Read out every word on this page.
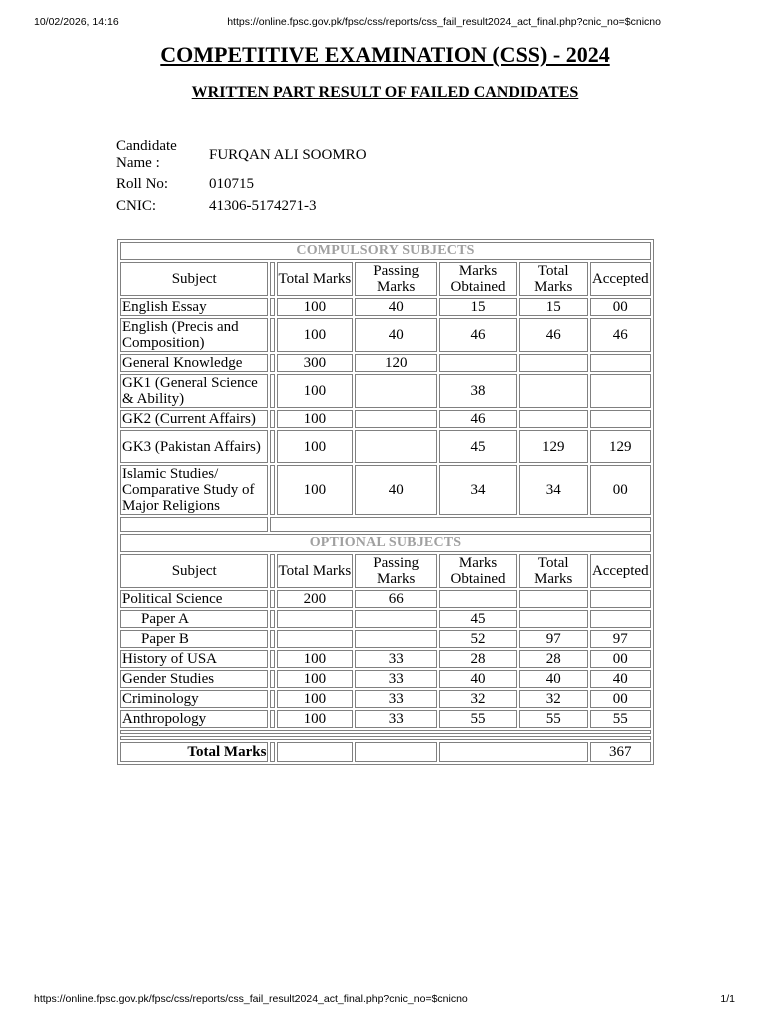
10/02/2026, 14:16	https://online.fpsc.gov.pk/fpsc/css/reports/css_fail_result2024_act_final.php?cnic_no=$cnicno
COMPETITIVE EXAMINATION (CSS) - 2024
WRITTEN PART RESULT OF FAILED CANDIDATES
Candidate Name :	FURQAN ALI SOOMRO
Roll No:	010715
CNIC:	41306-5174271-3
COMPULSORY SUBJECTS						
Subject		Total Marks	Passing Marks	Marks Obtained	Total Marks	Accepted
English Essay		100	40	15	15	00
English (Precis and Composition)		100	40	46	46	46
General Knowledge		300	120			
GK1 (General Science & Ability)		100		38		
GK2 (Current Affairs)		100		46		
GK3 (Pakistan Affairs)		100		45	129	129
Islamic Studies/ Comparative Study of Major Religions		100	40	34	34	00

OPTIONAL SUBJECTS						
Subject		Total Marks	Passing Marks	Marks Obtained	Total Marks	Accepted
Political Science		200	66			
Paper A				45		
Paper B				52	97	97
History of USA		100	33	28	28	00
Gender Studies		100	33	40	40	40
Criminology		100	33	32	32	00
Anthropology		100	33	55	55	55

Total Marks						367
https://online.fpsc.gov.pk/fpsc/css/reports/css_fail_result2024_act_final.php?cnic_no=$cnicno	1/1
